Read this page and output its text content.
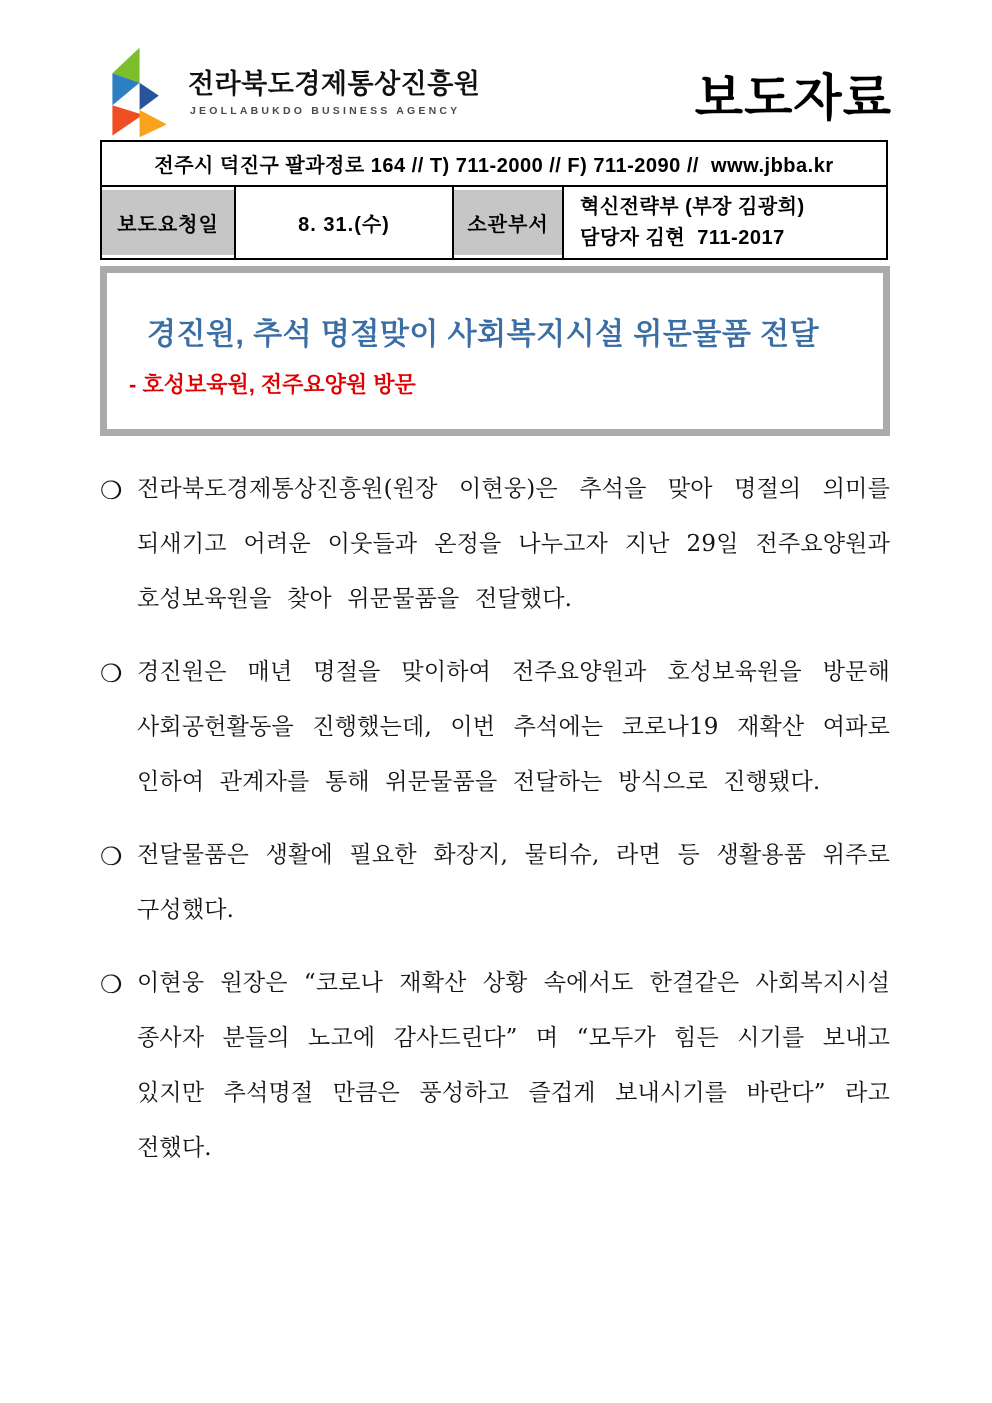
전라북도경제통상진흥원
JEOLLABUKDO BUSINESS AGENCY	보도자료
전주시 덕진구 팔과정로 164 // T) 711-2000 // F) 711-2090 //  www.jbba.kr
보도요청일	8. 31.(수)	소관부서
혁신전략부 (부장 김광희)
담당자 김현  711-2017
경진원, 추석 명절맞이 사회복지시설 위문물품 전달
- 호성보육원, 전주요양원 방문

❍ 전라북도경제통상진흥원(원장 이현웅)은 추석을 맞아 명절의 의미를 되새기고 어려운 이웃들과 온정을 나누고자 지난 29일 전주요양원과 호성보육원을 찾아 위문물품을 전달했다.

❍ 경진원은 매년 명절을 맞이하여 전주요양원과 호성보육원을 방문해 사회공헌활동을 진행했는데, 이번 추석에는 코로나19 재확산 여파로 인하여 관계자를 통해 위문물품을 전달하는 방식으로 진행됐다.

❍ 전달물품은 생활에 필요한 화장지, 물티슈, 라면 등 생활용품 위주로 구성했다.

❍ 이현웅 원장은 “코로나 재확산 상황 속에서도 한결같은 사회복지시설 종사자 분들의 노고에 감사드린다” 며 “모두가 힘든 시기를 보내고 있지만 추석명절 만큼은 풍성하고 즐겁게 보내시기를 바란다” 라고 전했다.
